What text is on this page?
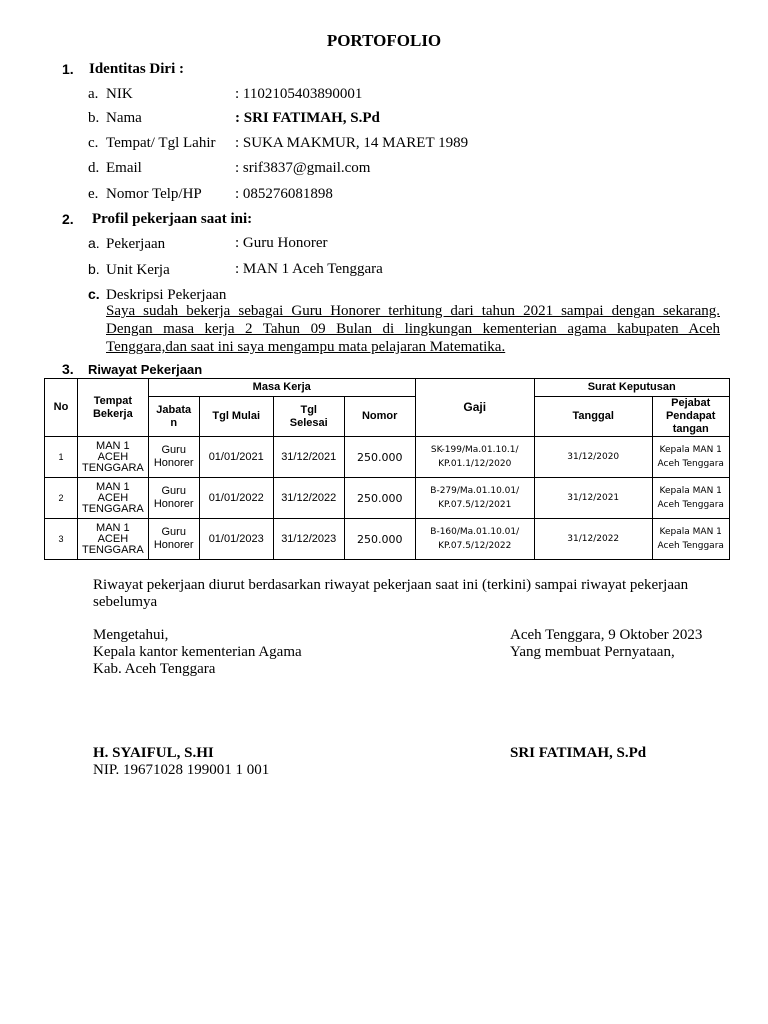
PORTOFOLIO
1. Identitas Diri :
a. NIK	: 1102105403890001
b. Nama	: SRI FATIMAH, S.Pd
c. Tempat/ Tgl Lahir : SUKA MAKMUR, 14 MARET 1989
d. Email	: srif3837@gmail.com
e. Nomor Telp/HP : 085276081898
2. Profil pekerjaan saat ini:
a. Pekerjaan	: Guru Honorer
b. Unit Kerja	: MAN 1 Aceh Tenggara
c. Deskripsi Pekerjaan
Saya sudah bekerja sebagai Guru Honorer terhitung dari tahun 2021 sampai dengan sekarang.
Dengan masa kerja 2 Tahun 09 Bulan di lingkungan kementerian agama kabupaten Aceh
Tenggara,dan saat ini saya mengampu mata pelajaran Matematika.
3. Riwayat Pekerjaan
No	Tempat Bekerja	Masa Kerja				Gaji	Surat Keputusan	
		Jabata n	Tgl Mulai	Tgl Selesai	Nomor		Tanggal	Pejabat Pendapat tangan
1	MAN 1 ACEH TENGGARA	Guru Honorer	01/01/2021	31/12/2021	250.000	SK-199/Ma.01.10.1/ KP.01.1/12/2020	31/12/2020	Kepala MAN 1 Aceh Tenggara
2	MAN 1 ACEH TENGGARA	Guru Honorer	01/01/2022	31/12/2022	250.000	B-279/Ma.01.10.01/ KP.07.5/12/2021	31/12/2021	Kepala MAN 1 Aceh Tenggara
3	MAN 1 ACEH TENGGARA	Guru Honorer	01/01/2023	31/12/2023	250.000	B-160/Ma.01.10.01/ KP.07.5/12/2022	31/12/2022	Kepala MAN 1 Aceh Tenggara
Riwayat pekerjaan diurut berdasarkan riwayat pekerjaan saat ini (terkini) sampai riwayat pekerjaan sebelumya
Mengetahui,
Kepala kantor kementerian Agama
Kab. Aceh Tenggara
H. SYAIFUL, S.HI
NIP. 19671028 199001 1 001
Aceh Tenggara, 9 Oktober 2023
Yang membuat Pernyataan,
SRI FATIMAH, S.Pd
